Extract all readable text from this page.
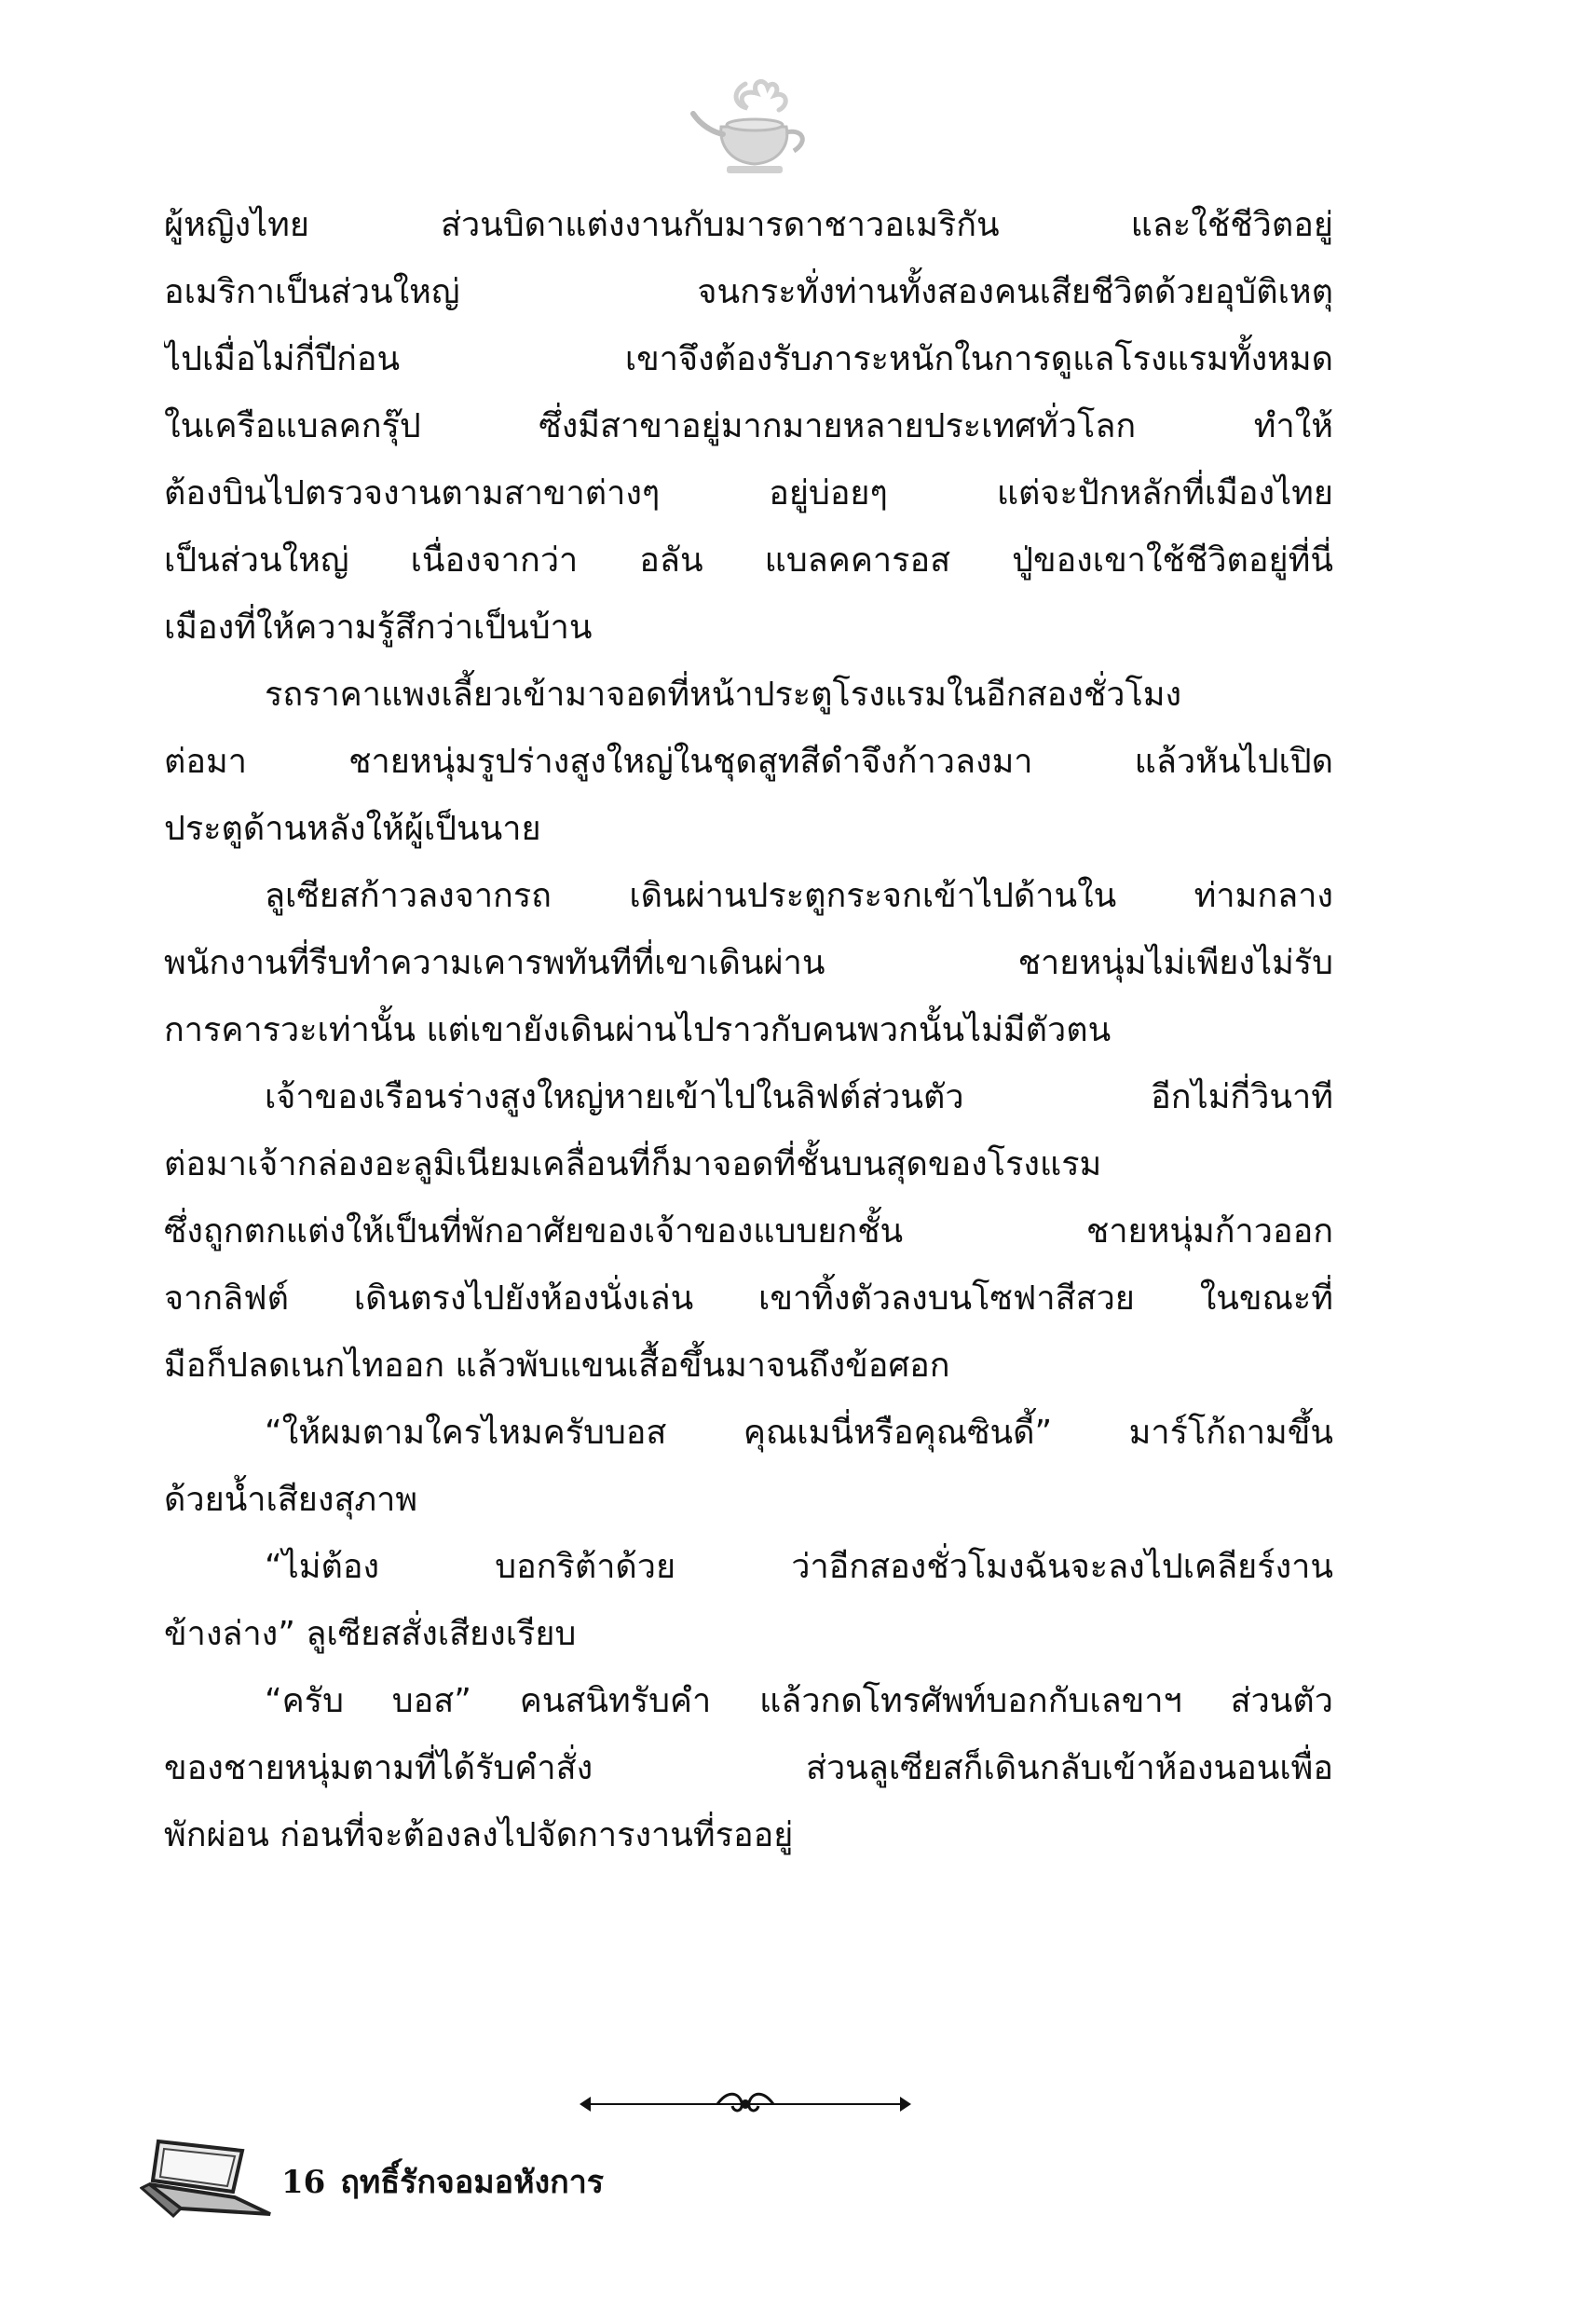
ผู้หญิงไทย ส่วนบิดาแต่งงานกับมารดาชาวอเมริกัน และใช้ชีวิตอยู่
อเมริกาเป็นส่วนใหญ่ จนกระทั่งท่านทั้งสองคนเสียชีวิตด้วยอุบัติเหตุ
ไปเมื่อไม่กี่ปีก่อน เขาจึงต้องรับภาระหนักในการดูแลโรงแรมทั้งหมด
ในเครือแบลคกรุ๊ป ซึ่งมีสาขาอยู่มากมายหลายประเทศทั่วโลก ทำให้
ต้องบินไปตรวจงานตามสาขาต่างๆ อยู่บ่อยๆ แต่จะปักหลักที่เมืองไทย
เป็นส่วนใหญ่ เนื่องจากว่า อลัน แบลคคารอส ปู่ของเขาใช้ชีวิตอยู่ที่นี่
เมืองที่ให้ความรู้สึกว่าเป็นบ้าน
รถราคาแพงเลี้ยวเข้ามาจอดที่หน้าประตูโรงแรมในอีกสองชั่วโมง
ต่อมา ชายหนุ่มรูปร่างสูงใหญ่ในชุดสูทสีดำจึงก้าวลงมา แล้วหันไปเปิด
ประตูด้านหลังให้ผู้เป็นนาย
ลูเซียสก้าวลงจากรถ เดินผ่านประตูกระจกเข้าไปด้านใน ท่ามกลาง
พนักงานที่รีบทำความเคารพทันทีที่เขาเดินผ่าน ชายหนุ่มไม่เพียงไม่รับ
การคารวะเท่านั้น แต่เขายังเดินผ่านไปราวกับคนพวกนั้นไม่มีตัวตน
เจ้าของเรือนร่างสูงใหญ่หายเข้าไปในลิฟต์ส่วนตัว อีกไม่กี่วินาที
ต่อมาเจ้ากล่องอะลูมิเนียมเคลื่อนที่ก็มาจอดที่ชั้นบนสุดของโรงแรม
ซึ่งถูกตกแต่งให้เป็นที่พักอาศัยของเจ้าของแบบยกชั้น ชายหนุ่มก้าวออก
จากลิฟต์ เดินตรงไปยังห้องนั่งเล่น เขาทิ้งตัวลงบนโซฟาสีสวย ในขณะที่
มือก็ปลดเนกไทออก แล้วพับแขนเสื้อขึ้นมาจนถึงข้อศอก
“ให้ผมตามใครไหมครับบอส คุณเมนี่หรือคุณซินดี้” มาร์โก้ถามขึ้น
ด้วยน้ำเสียงสุภาพ
“ไม่ต้อง บอกริต้าด้วย ว่าอีกสองชั่วโมงฉันจะลงไปเคลียร์งาน
ข้างล่าง” ลูเซียสสั่งเสียงเรียบ
“ครับ บอส” คนสนิทรับคำ แล้วกดโทรศัพท์บอกกับเลขาฯ ส่วนตัว
ของชายหนุ่มตามที่ได้รับคำสั่ง ส่วนลูเซียสก็เดินกลับเข้าห้องนอนเพื่อ
พักผ่อน ก่อนที่จะต้องลงไปจัดการงานที่รออยู่
16 ฤทธิ์รักจอมอหังการ
